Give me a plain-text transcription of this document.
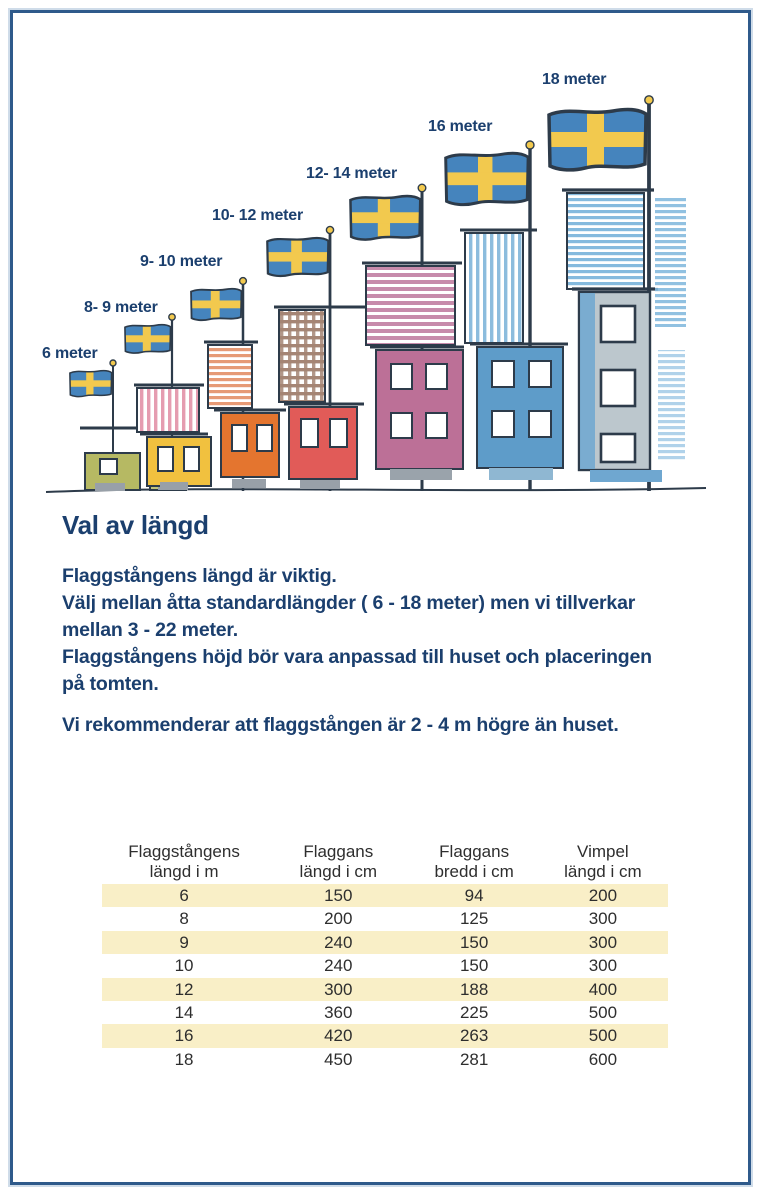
6 meter
8- 9 meter
9- 10 meter
10- 12 meter
12- 14 meter
16 meter
18 meter
Val av längd
Flaggstångens längd är viktig.
Välj mellan åtta standardlängder ( 6 - 18 meter) men vi tillverkar
mellan 3 - 22 meter.
Flaggstångens höjd bör vara anpassad till huset och placeringen
på tomten.
Vi rekommenderar att flaggstången är 2 - 4 m högre än huset.
Flaggstångens
längd i m
Flaggans
längd i cm
Flaggans
bredd i cm
Vimpel
längd i cm
6	150	94	200
8	200	125	300
9	240	150	300
10	240	150	300
12	300	188	400
14	360	225	500
16	420	263	500
18	450	281	600
